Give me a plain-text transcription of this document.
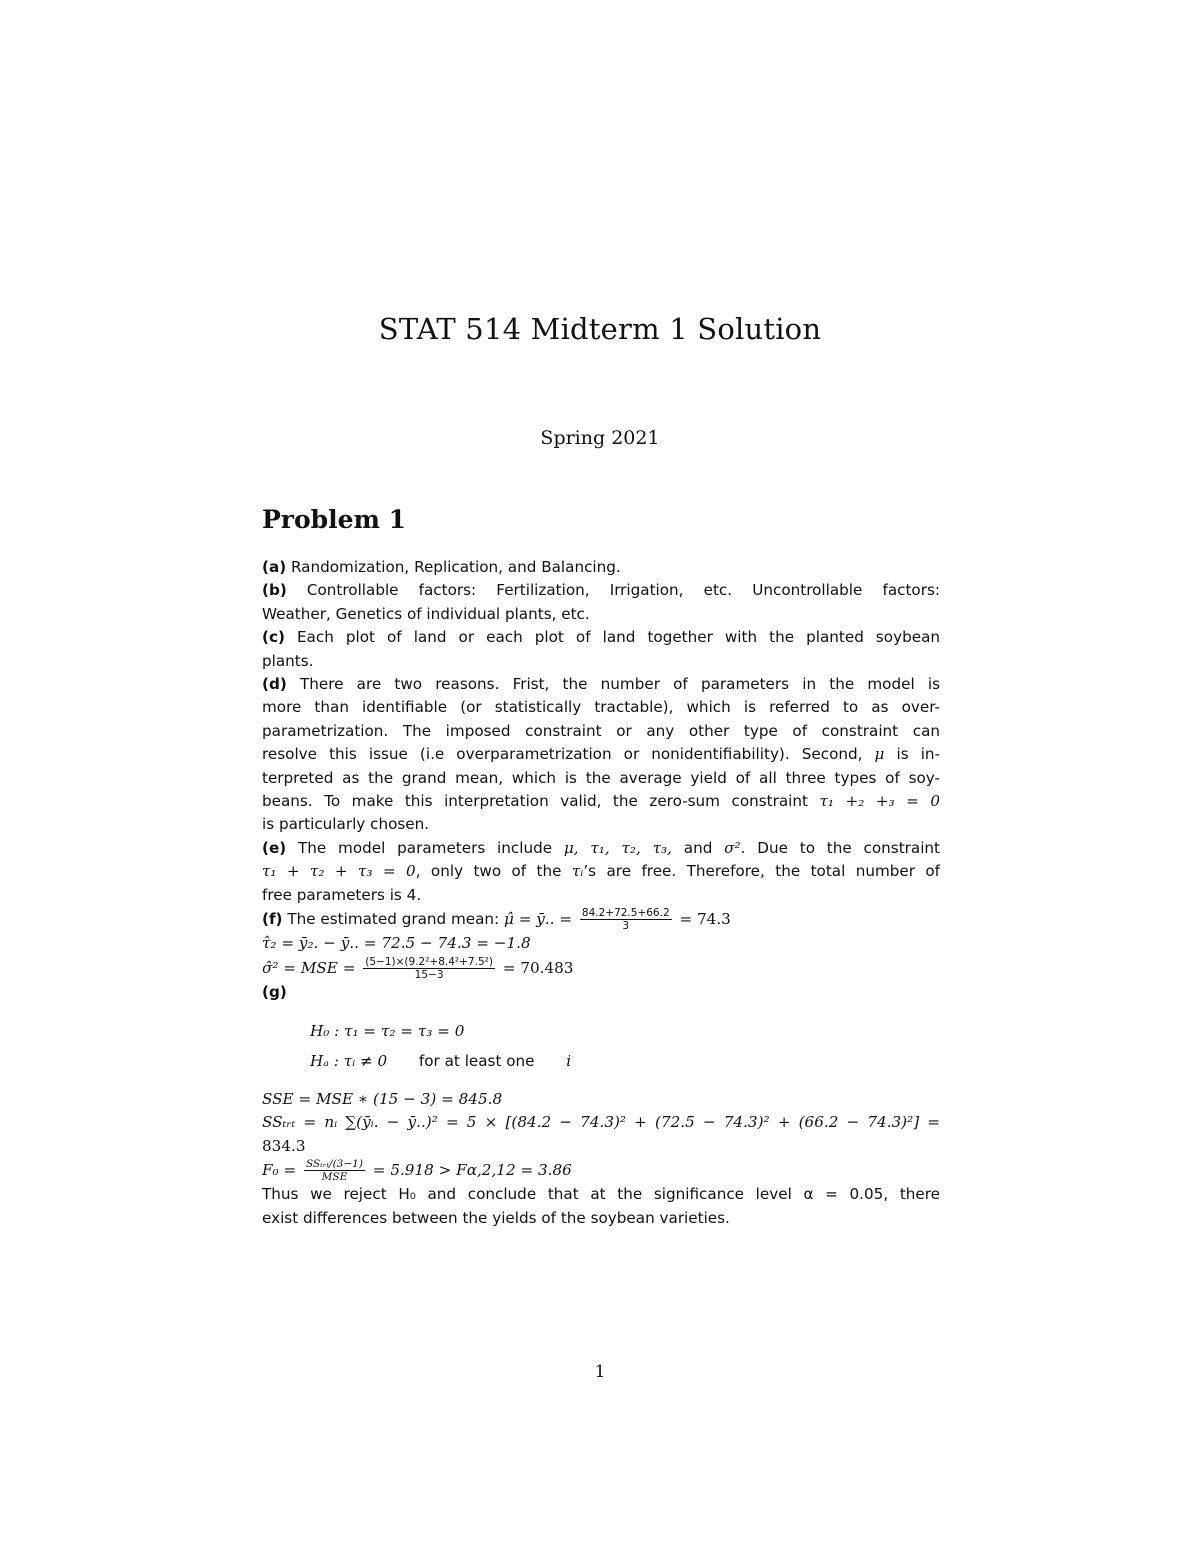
STAT 514 Midterm 1 Solution
Spring 2021
Problem 1
(a) Randomization, Replication, and Balancing.
(b) Controllable factors: Fertilization, Irrigation, etc. Uncontrollable factors:
Weather, Genetics of individual plants, etc.
(c) Each plot of land or each plot of land together with the planted soybean
plants.
(d) There are two reasons. Frist, the number of parameters in the model is
more than identifiable (or statistically tractable), which is referred to as over-
parametrization. The imposed constraint or any other type of constraint can
resolve this issue (i.e overparametrization or nonidentifiability). Second, μ is in-
terpreted as the grand mean, which is the average yield of all three types of soy-
beans. To make this interpretation valid, the zero-sum constraint τ₁ +₂ +₃ = 0
is particularly chosen.
(e) The model parameters include μ, τ₁, τ₂, τ₃, and σ². Due to the constraint
τ₁ + τ₂ + τ₃ = 0, only two of the τᵢ’s are free. Therefore, the total number of
free parameters is 4.
(f) The estimated grand mean: μ̂ = ȳ.. = $\frac{84.2+72.5+66.2}{3} = 74.3$
τ̂₂ = ȳ₂. − ȳ.. = 72.5 − 74.3 = −1.8
σ̂² = MSE = $\frac{\text{(5−1)×(9.2²+8.4²+7.5²)}}{15-3} = 70.483$
(g)
H₀ : τ₁ = τ₂ = τ₃ = 0
Hₐ : τᵢ ≠ 0 for at least one i
SSE = MSE ∗ (15 − 3) = 845.8
SSₜᵣₜ = nᵢ ∑(ȳᵢ. − ȳ..)² = 5 × [(84.2 − 74.3)² + (72.5 − 74.3)² + (66.2 − 74.3)²] =
834.3
$F_0 = \frac{\text{SSₜᵣₜ/(3−1)}}{\text{MSE}} = 5.918 > F\alpha,2,12 = 3.86$
Thus we reject H₀ and conclude that at the significance level α = 0.05, there
exist differences between the yields of the soybean varieties.
1
